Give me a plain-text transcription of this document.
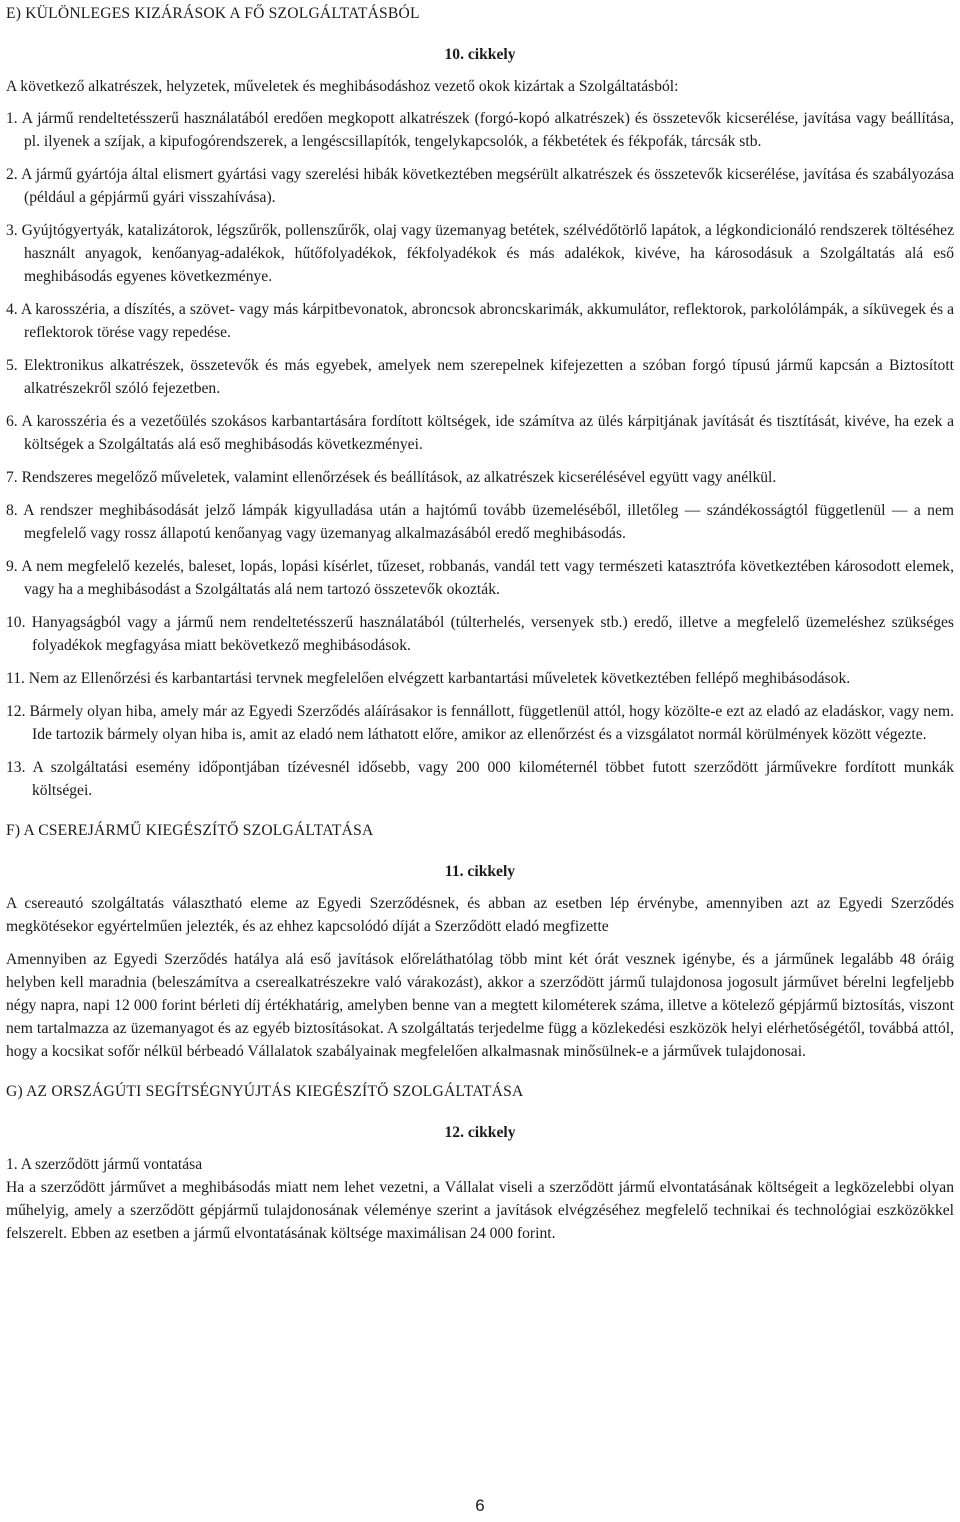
E) KÜLÖNLEGES KIZÁRÁSOK A FŐ SZOLGÁLTATÁSBÓL

10. cikkely

A következő alkatrészek, helyzetek, műveletek és meghibásodáshoz vezető okok kizártak a Szolgáltatásból:

1. A jármű rendeltetésszerű használatából eredően megkopott alkatrészek (forgó-kopó alkatrészek) és összetevők kicserélése, javítása vagy beállítása, pl. ilyenek a szíjak, a kipufogórendszerek, a lengéscsillapítók, tengelykapcsolók, a fékbetétek és fékpofák, tárcsák stb.

2. A jármű gyártója által elismert gyártási vagy szerelési hibák következtében megsérült alkatrészek és összetevők kicserélése, javítása és szabályozása (például a gépjármű gyári visszahívása).

3. Gyújtógyertyák, katalizátorok, légszűrők, pollenszűrők, olaj vagy üzemanyag betétek, szélvédőtörlő lapátok, a légkondicionáló rendszerek töltéséhez használt anyagok, kenőanyag-adalékok, hűtőfolyadékok, fékfolyadékok és más adalékok, kivéve, ha károsodásuk a Szolgáltatás alá eső meghibásodás egyenes következménye.

4. A karosszéria, a díszítés, a szövet- vagy más kárpitbevonatok, abroncsok abroncskarimák, akkumulátor, reflektorok, parkolólámpák, a síküvegek és a reflektorok törése vagy repedése.

5. Elektronikus alkatrészek, összetevők és más egyebek, amelyek nem szerepelnek kifejezetten a szóban forgó típusú jármű kapcsán a Biztosított alkatrészekről szóló fejezetben.

6. A karosszéria és a vezetőülés szokásos karbantartására fordított költségek, ide számítva az ülés kárpitjának javítását és tisztítását, kivéve, ha ezek a költségek a Szolgáltatás alá eső meghibásodás következményei.

7. Rendszeres megelőző műveletek, valamint ellenőrzések és beállítások, az alkatrészek kicserélésével együtt vagy anélkül.

8. A rendszer meghibásodását jelző lámpák kigyulladása után a hajtómű tovább üzemeléséből, illetőleg — szándékosságtól függetlenül — a nem megfelelő vagy rossz állapotú kenőanyag vagy üzemanyag alkalmazásából eredő meghibásodás.

9. A nem megfelelő kezelés, baleset, lopás, lopási kísérlet, tűzeset, robbanás, vandál tett vagy természeti katasztrófa következtében károsodott elemek, vagy ha a meghibásodást a Szolgáltatás alá nem tartozó összetevők okozták.

10. Hanyagságból vagy a jármű nem rendeltetésszerű használatából (túlterhelés, versenyek stb.) eredő, illetve a megfelelő üzemeléshez szükséges folyadékok megfagyása miatt bekövetkező meghibásodások.

11. Nem az Ellenőrzési és karbantartási tervnek megfelelően elvégzett karbantartási műveletek következtében fellépő meghibásodások.

12. Bármely olyan hiba, amely már az Egyedi Szerződés aláírásakor is fennállott, függetlenül attól, hogy közölte-e ezt az eladó az eladáskor, vagy nem. Ide tartozik bármely olyan hiba is, amit az eladó nem láthatott előre, amikor az ellenőrzést és a vizsgálatot normál körülmények között végezte.

13. A szolgáltatási esemény időpontjában tízévesnél idősebb, vagy 200 000 kilométernél többet futott szerződött járművekre fordított munkák költségei.

F) A CSEREJÁRMŰ KIEGÉSZÍTŐ SZOLGÁLTATÁSA

11. cikkely

A csereautó szolgáltatás választható eleme az Egyedi Szerződésnek, és abban az esetben lép érvénybe, amennyiben azt az Egyedi Szerződés megkötésekor egyértelműen jelezték, és az ehhez kapcsolódó díját a Szerződött eladó megfizette

Amennyiben az Egyedi Szerződés hatálya alá eső javítások előreláthatólag több mint két órát vesznek igénybe, és a járműnek legalább 48 óráig helyben kell maradnia (beleszámítva a cserealkatrészekre való várakozást), akkor a szerződött jármű tulajdonosa jogosult járművet bérelni legfeljebb négy napra, napi 12 000 forint bérleti díj értékhatárig, amelyben benne van a megtett kilométerek száma, illetve a kötelező gépjármű biztosítás, viszont nem tartalmazza az üzemanyagot és az egyéb biztosításokat. A szolgáltatás terjedelme függ a közlekedési eszközök helyi elérhetőségétől, továbbá attól, hogy a kocsikat sofőr nélkül bérbeadó Vállalatok szabályainak megfelelően alkalmasnak minősülnek-e a járművek tulajdonosai.

G) AZ ORSZÁGÚTI SEGÍTSÉGNYÚJTÁS KIEGÉSZÍTŐ SZOLGÁLTATÁSA

12. cikkely

1. A szerződött jármű vontatása

Ha a szerződött járművet a meghibásodás miatt nem lehet vezetni, a Vállalat viseli a szerződött jármű elvontatásának költségeit a legközelebbi olyan műhelyig, amely a szerződött gépjármű tulajdonosának véleménye szerint a javítások elvégzéséhez megfelelő technikai és technológiai eszközökkel felszerelt. Ebben az esetben a jármű elvontatásának költsége maximálisan 24 000 forint.

6
